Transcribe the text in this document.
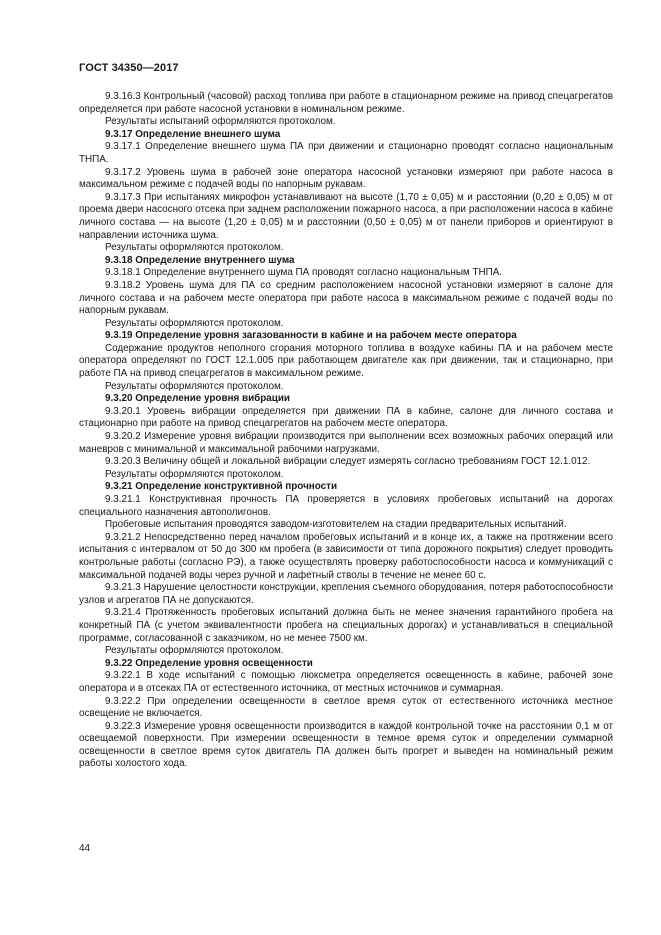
ГОСТ 34350—2017

9.3.16.3 Контрольный (часовой) расход топлива при работе в стационарном режиме на привод спецагрегатов определяется при работе насосной установки в номинальном режиме.

Результаты испытаний оформляются протоколом.

9.3.17 Определение внешнего шума

9.3.17.1 Определение внешнего шума ПА при движении и стационарно проводят согласно национальным ТНПА.

9.3.17.2 Уровень шума в рабочей зоне оператора насосной установки измеряют при работе насоса в максимальном режиме с подачей воды по напорным рукавам.

9.3.17.3 При испытаниях микрофон устанавливают на высоте (1,70 ± 0,05) м и расстоянии (0,20 ± 0,05) м от проема двери насосного отсека при заднем расположении пожарного насоса, а при расположении насоса в кабине личного состава — на высоте (1,20 ± 0,05) м и расстоянии (0,50 ± 0,05) м от панели приборов и ориентируют в направлении источника шума.

Результаты оформляются протоколом.

9.3.18 Определение внутреннего шума

9.3.18.1 Определение внутреннего шума ПА проводят согласно национальным ТНПА.

9.3.18.2 Уровень шума для ПА со средним расположением насосной установки измеряют в салоне для личного состава и на рабочем месте оператора при работе насоса в максимальном режиме с подачей воды по напорным рукавам.

Результаты оформляются протоколом.

9.3.19 Определение уровня загазованности в кабине и на рабочем месте оператора

Содержание продуктов неполного сгорания моторного топлива в воздухе кабины ПА и на рабочем месте оператора определяют по ГОСТ 12.1.005 при работающем двигателе как при движении, так и стационарно, при работе ПА на привод спецагрегатов в максимальном режиме.

Результаты оформляются протоколом.

9.3.20 Определение уровня вибрации

9.3.20.1 Уровень вибрации определяется при движении ПА в кабине, салоне для личного состава и стационарно при работе на привод спецагрегатов на рабочем месте оператора.

9.3.20.2 Измерение уровня вибрации производится при выполнении всех возможных рабочих операций или маневров с минимальной и максимальной рабочими нагрузками.

9.3.20.3 Величину общей и локальной вибрации следует измерять согласно требованиям ГОСТ 12.1.012.

Результаты оформляются протоколом.

9.3.21 Определение конструктивной прочности

9.3.21.1 Конструктивная прочность ПА проверяется в условиях пробеговых испытаний на дорогах специального назначения автополигонов.

Пробеговые испытания проводятся заводом-изготовителем на стадии предварительных испытаний.

9.3.21.2 Непосредственно перед началом пробеговых испытаний и в конце их, а также на протяжении всего испытания с интервалом от 50 до 300 км пробега (в зависимости от типа дорожного покрытия) следует проводить контрольные работы (согласно РЭ), а также осуществлять проверку работоспособности насоса и коммуникаций с максимальной подачей воды через ручной и лафетный стволы в течение не менее 60 с.

9.3.21.3 Нарушение целостности конструкции, крепления съемного оборудования, потеря работоспособности узлов и агрегатов ПА не допускаются.

9.3.21.4 Протяженность пробеговых испытаний должна быть не менее значения гарантийного пробега на конкретный ПА (с учетом эквивалентности пробега на специальных дорогах) и устанавливаться в специальной программе, согласованной с заказчиком, но не менее 7500 км.

Результаты оформляются протоколом.

9.3.22 Определение уровня освещенности

9.3.22.1 В ходе испытаний с помощью люксметра определяется освещенность в кабине, рабочей зоне оператора и в отсеках ПА от естественного источника, от местных источников и суммарная.

9.3.22.2 При определении освещенности в светлое время суток от естественного источника местное освещение не включается.

9.3.22.3 Измерение уровня освещенности производится в каждой контрольной точке на расстоянии 0,1 м от освещаемой поверхности. При измерении освещенности в темное время суток и определении суммарной освещенности в светлое время суток двигатель ПА должен быть прогрет и выведен на номинальный режим работы холостого хода.

44
